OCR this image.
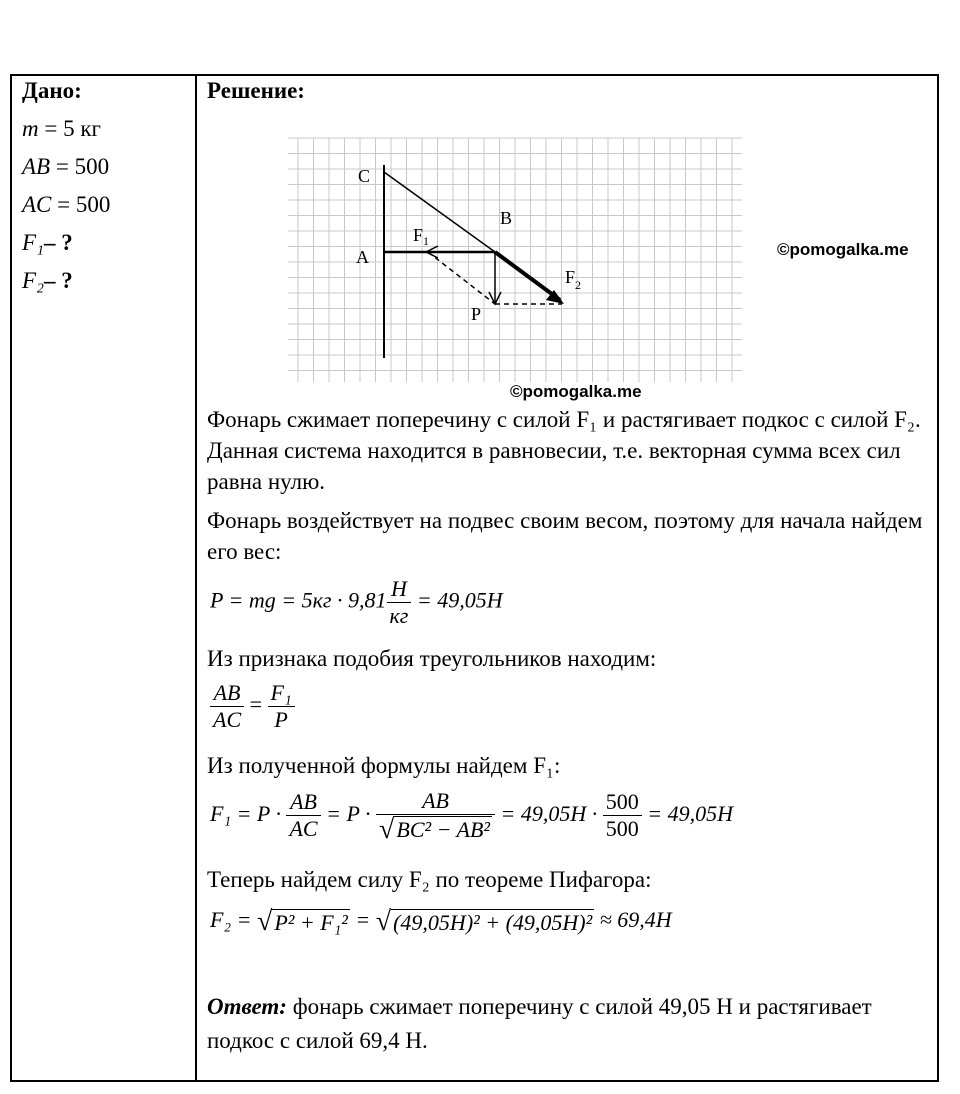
Дано:
m = 5 кг
AB = 500
AC = 500
F₁– ?
F₂– ?
Решение:
C
B
A
$F_1$
$F_2$
P
©pomogalka.me
©pomogalka.me
Фонарь сжимает поперечину с силой F₁ и растягивает подкос с силой F₂. Данная система находится в равновесии, т.е. векторная сумма всех сил равна нулю.
Фонарь воздействует на подвес своим весом, поэтому для начала найдем его вес:
P = mg = $5кг \cdot 9,81 \frac{Н}{кг} = 49,05Н$
Из признака подобия треугольников находим:
$\frac{AB}{AC} = \frac{\text{F₁}}{P}$
Из полученной формулы найдем F₁:
$F_1 = P \cdot \frac{AB}{AC} = P \cdot \frac{AB}{\text{√BC² − AB²}} = 49,05Н \cdot \frac{500}{500} = 49,05Н$
Теперь найдем силу F₂ по теореме Пифагора:
F₂ = √P² + F₁² = √(49,05Н)² + (49,05Н)² ≈ 69,4Н
Ответ: фонарь сжимает поперечину с силой 49,05 Н и растягивает подкос с силой 69,4 Н.
